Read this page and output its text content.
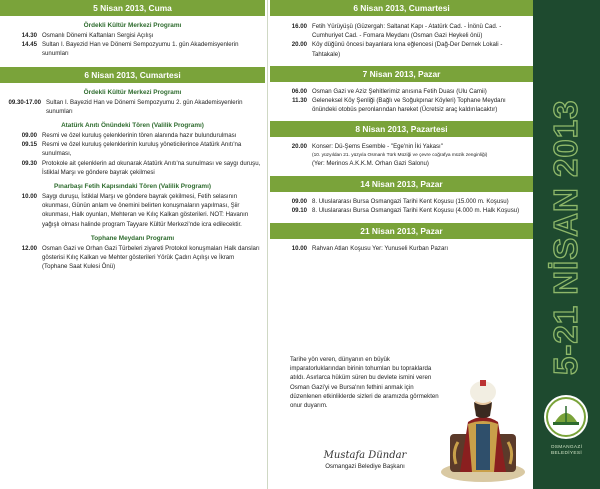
5 Nisan 2013, Cuma
Ördekli Kültür Merkezi Programı
14.30 Osmanlı Dönemi Kaftanları Sergisi Açılışı
14.45 Sultan I. Bayezid Han ve Dönemi Sempozyumu 1. gün Akademisyenlerin sunumları
6 Nisan 2013, Cumartesi
Ördekli Kültür Merkezi Programı
09.30-17.00 Sultan I. Bayezid Han ve Dönemi Sempozyumu 2. gün Akademisyenlerin sunumları
Atatürk Anıtı Önündeki Tören (Valilik Programı)
09.00 Resmi ve özel kuruluş çelenklerinin tören alanında hazır bulundurulması
09.15 Resmi ve özel kuruluş çelenklerinin kuruluş yöneticilerince Atatürk Anıtı'na sunulması,
09.30 Protokole ait çelenklerin ad okunarak Atatürk Anıtı'na sunulması ve saygı duruşu, İstiklal Marşı ve göndere bayrak çekilmesi
Pınarbaşı Fetih Kapısındaki Tören (Valilik Programı)
10.00 Saygı duruşu, İstiklal Marşı ve göndere bayrak çekilmesi, Fetih selasının okunması, Günün anlam ve önemini belirten konuşmaların yapılması, Şiir okunması, Halk oyunları, Mehteran ve Kılıç Kalkan gösterileri. NOT: Havanın yağışlı olması halinde program Tayyare Kültür Merkezi'nde icra edilecektir.
Tophane Meydanı Programı
12.00 Osman Gazi ve Orhan Gazi Türbeleri ziyareti Protokol konuşmaları Halk dansları gösterisi Kılıç Kalkan ve Mehter gösterileri Yörük Çadırı Açılışı ve İkram (Tophane Saat Kulesi Önü)
6 Nisan 2013, Cumartesi
16.00 Fetih Yürüyüşü (Güzergah: Saltanat Kapı - Atatürk Cad. - İnönü Cad. - Cumhuriyet Cad. - Fomara Meydanı (Osman Gazi Heykeli önü)
20.00 Köy düğünü öncesi bayanlara kına eğlencesi (Dağ-Der Dernek Lokali - Tahtakale)
7 Nisan 2013, Pazar
06.00 Osman Gazi ve Aziz Şehitlerimiz anısına Fetih Duası (Ulu Camii)
11.30 Geleneksel Köy Şenliği (Bağlı ve Soğukpınar Köyleri) Tophane Meydanı önündeki otobüs peronlarından hareket (Ücretsiz araç kaldırılacaktır)
8 Nisan 2013, Pazartesi
20.00 Konser: Dü-Şems Esemble - "Ege'nin İki Yakası"
(10. yüzyıldan 21. yüzyıla Osmanlı Türk Müziği ve çevre coğrafya müzik zenginliği)
(Yer: Merinos A.K.K.M. Orhan Gazi Salonu)
14 Nisan 2013, Pazar
09.00 8. Uluslararası Bursa Osmangazi Tarihi Kent Koşusu (15.000 m. Koşusu)
09.10 8. Uluslararası Bursa Osmangazi Tarihi Kent Koşusu (4.000 m. Halk Koşusu)
21 Nisan 2013, Pazar
10.00 Rahvan Atları Koşusu Yer: Yunuseli Kurban Pazarı
Tarihe yön veren, dünyanın en büyük imparatorluklarından birinin tohumları bu topraklarda atıldı. Asırlarca hüküm süren bu devlete ismini veren Osman Gazi'yi ve Bursa'nın fethini anmak için düzenlenen etkinliklerde sizleri de aramızda görmekten onur duyarım.
Mustafa Dündar
Osmangazi Belediye Başkanı
5-21 NİSAN 2013
OSMANGAZİ
BELEDİYESİ
